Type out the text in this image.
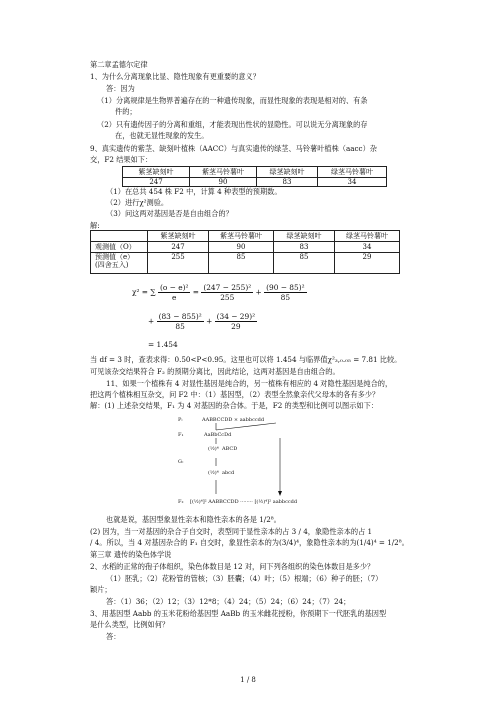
第二章孟德尔定律
1、为什么分离现象比显、隐性现象有更重要的意义？
答：因为
（1）分离规律是生物界普遍存在的一种遗传现象，而显性现象的表现是相对的、有条
件的；
（2）只有遗传因子的分离和重组，才能表现出性状的显隐性。可以说无分离现象的存
在，也就无显性现象的发生。
9、真实遗传的紫茎、缺刻叶植株（AACC）与真实遗传的绿茎、马铃薯叶植株（aacc）杂
交，F2 结果如下：
紫茎缺刻叶	紫茎马铃薯叶	绿茎缺刻叶	绿茎马铃薯叶
247	90	83	34
（1）在总共 454 株 F2 中，计算 4 种表型的预期数。
（2）进行χ²测验。
（3）问这两对基因是否是自由组合的？
解:
	紫茎缺刻叶	紫茎马铃薯叶	绿茎缺刻叶	绿茎马铃薯叶
观测值（O）	247	90	83	34

预测值（e）
(四舍五入)	255	85	85	29
χ² = ∑ $\frac{\text{(o − e)²}}{e} = \frac{\text{(247 − 255)²}}{255} + \frac{\text{(90 − 85)²}}{85}$
+ $\frac{\text{(83 − 855)²}}{85} + \frac{\text{(34 − 29)²}}{29}$
= 1.454
当 df = 3 时，查表求得：0.50<P<0.95。这里也可以将 1.454 与临界值χ²₃,₀.₀₅ = 7.81 比较。
可见该杂交结果符合 F₂ 的预期分离比，因此结论，这两对基因是自由组合的。
11、如果一个植株有 4 对显性基因是纯合的，另一植株有相应的 4 对隐性基因是纯合的，
把这两个植株相互杂交，问 F2 中：（1）基因型，（2）表型全然象亲代父母本的各有多少？
解：(1) 上述杂交结果，F₁ 为 4 对基因的杂合体。于是，F2 的类型和比例可以图示如下：
P:	AABBCCDD × aabbccdd
F₁	AaBbCcDd
(½)⁴ ABCD
G:
(½)⁴ abcd
F₂ [(½)⁴]² AABBCCDD ········ [(½)⁴]² aabbccdd
也就是说，基因型象显性亲本和隐性亲本的各是 1/2⁸。
(2) 因为，当一对基因的杂合子自交时，表型同于显性亲本的占 3 / 4，象隐性亲本的占 1
/ 4。所以，当 4 对基因杂合的 F₁ 自交时，象显性亲本的为(3/4)⁴，象隐性亲本的为(1/4)⁴ = 1/2⁸。
第三章 遗传的染色体学说
2、水稻的正常的孢子体组织，染色体数目是 12 对，问下列各组织的染色体数目是多少？
（1）胚乳；（2）花粉管的管核；（3）胚囊；（4）叶；（5）根端；（6）种子的胚；（7）
颖片；
答：（1）36；（2）12；（3）12*8；（4）24；（5）24；（6）24；（7）24；
3、用基因型 Aabb 的玉米花粉给基因型 AaBb 的玉米雌花授粉，你预期下一代胚乳的基因型
是什么类型，比例如何？
答：
1 / 8
